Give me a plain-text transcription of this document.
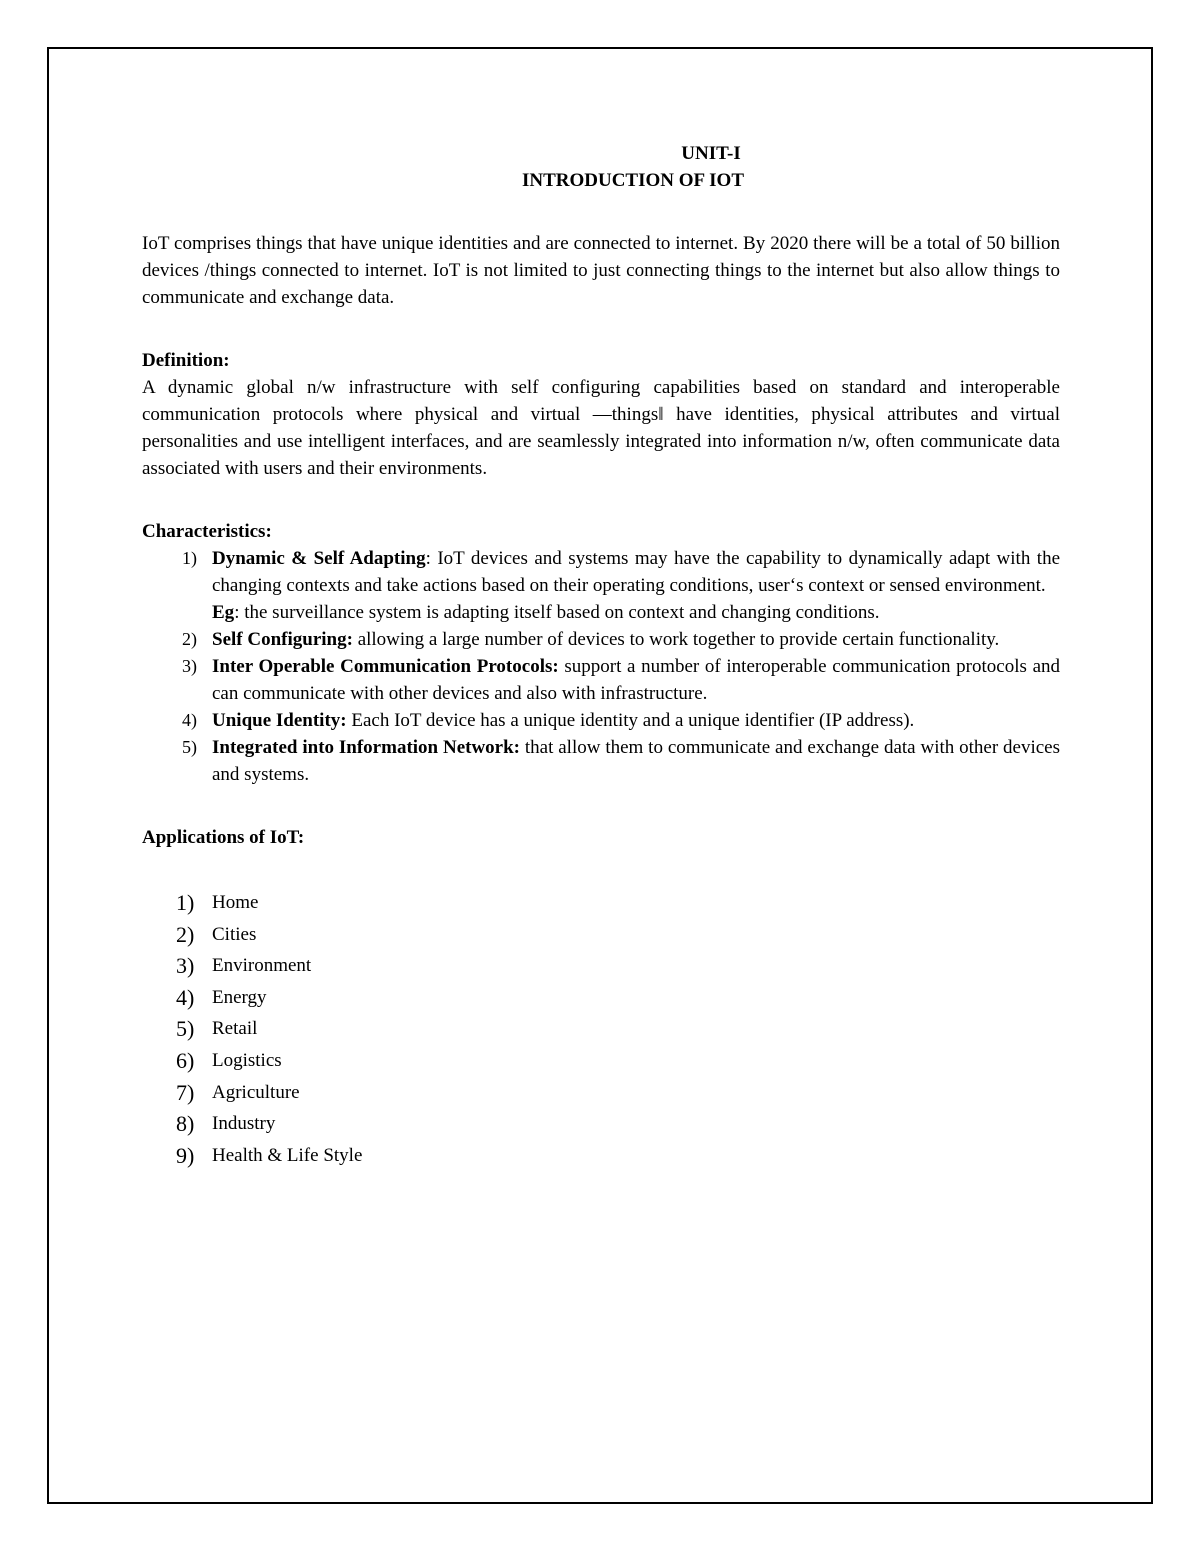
UNIT-I
INTRODUCTION OF IOT

IoT comprises things that have unique identities and are connected to internet. By 2020 there will be a total of 50 billion devices /things connected to internet. IoT is not limited to just connecting things to the internet but also allow things to communicate and exchange data.

Definition:

A dynamic global n/w infrastructure with self configuring capabilities based on standard and interoperable communication protocols where physical and virtual ―things‖ have identities, physical attributes and virtual personalities and use intelligent interfaces, and are seamlessly integrated into information n/w, often communicate data associated with users and their environments.

Characteristics:

1) Dynamic & Self Adapting: IoT devices and systems may have the capability to dynamically adapt with the changing contexts and take actions based on their operating conditions, user‘s context or sensed environment.
Eg: the surveillance system is adapting itself based on context and changing conditions.
2) Self Configuring: allowing a large number of devices to work together to provide certain functionality.
3) Inter Operable Communication Protocols: support a number of interoperable communication protocols and can communicate with other devices and also with infrastructure.
4) Unique Identity: Each IoT device has a unique identity and a unique identifier (IP address).
5) Integrated into Information Network: that allow them to communicate and exchange data with other devices and systems.

Applications of IoT:

1) Home
2) Cities
3) Environment
4) Energy
5) Retail
6) Logistics
7) Agriculture
8) Industry
9) Health & Life Style
